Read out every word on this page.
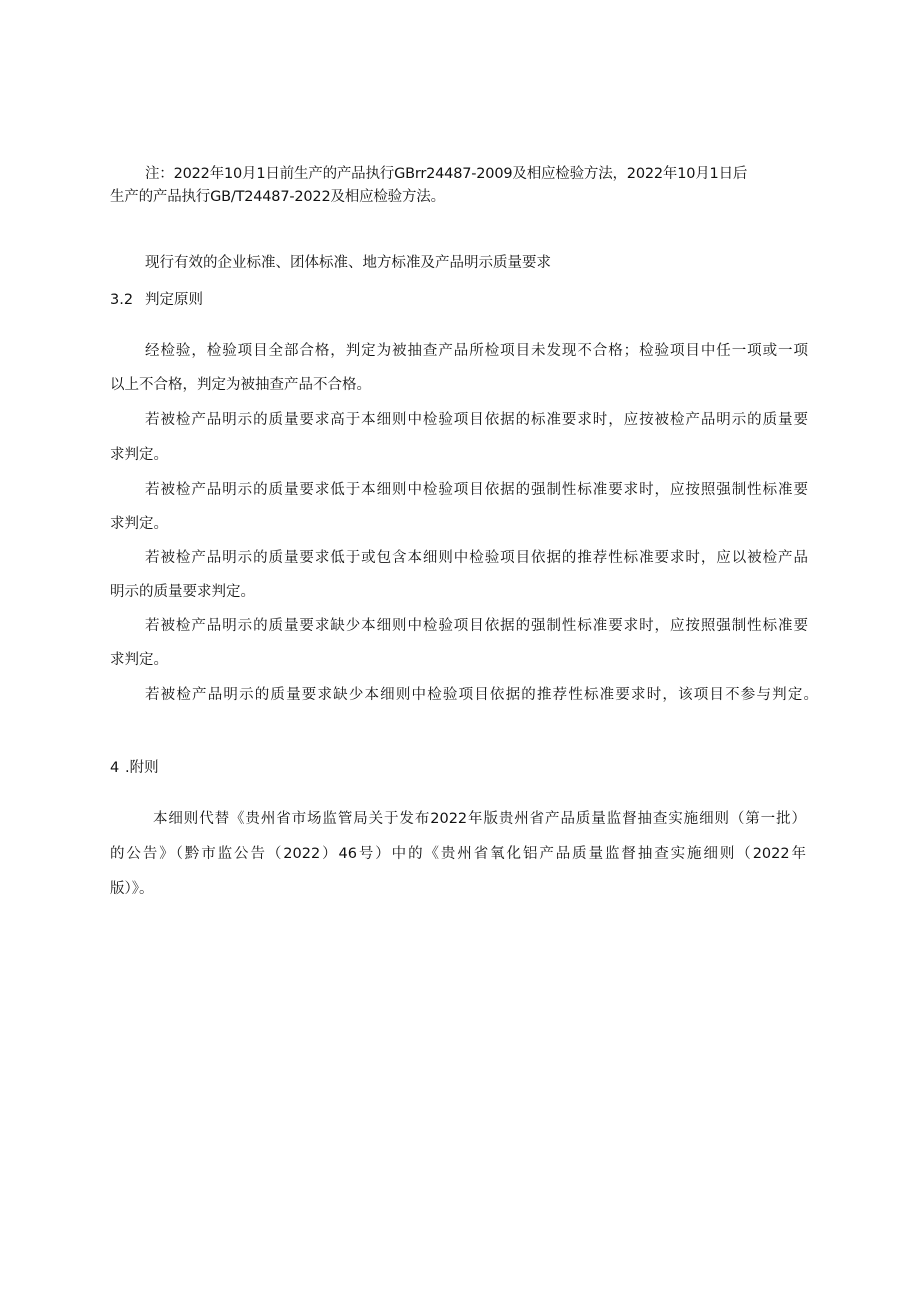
注：2022年10月1日前生产的产品执行GBrr24487-2009及相应检验方法，2022年10月1日后
生产的产品执行GB/T24487-2022及相应检验方法。
现行有效的企业标准、团体标准、地方标准及产品明示质量要求
3.2 判定原则
经检验，检验项目全部合格，判定为被抽查产品所检项目未发现不合格；检验项目中任一项或一项
以上不合格，判定为被抽查产品不合格。
若被检产品明示的质量要求高于本细则中检验项目依据的标准要求时，应按被检产品明示的质量要
求判定。
若被检产品明示的质量要求低于本细则中检验项目依据的强制性标准要求时，应按照强制性标准要
求判定。
若被检产品明示的质量要求低于或包含本细则中检验项目依据的推荐性标准要求时，应以被检产品
明示的质量要求判定。
若被检产品明示的质量要求缺少本细则中检验项目依据的强制性标准要求时，应按照强制性标准要
求判定。
若被检产品明示的质量要求缺少本细则中检验项目依据的推荐性标准要求时，该项目不参与判定。
4 .附则
本细则代替《贵州省市场监管局关于发布2022年版贵州省产品质量监督抽查实施细则（第一批）
的公告》（黔市监公告（2022）46号）中的《贵州省氧化铝产品质量监督抽查实施细则（2022年
版）》。
